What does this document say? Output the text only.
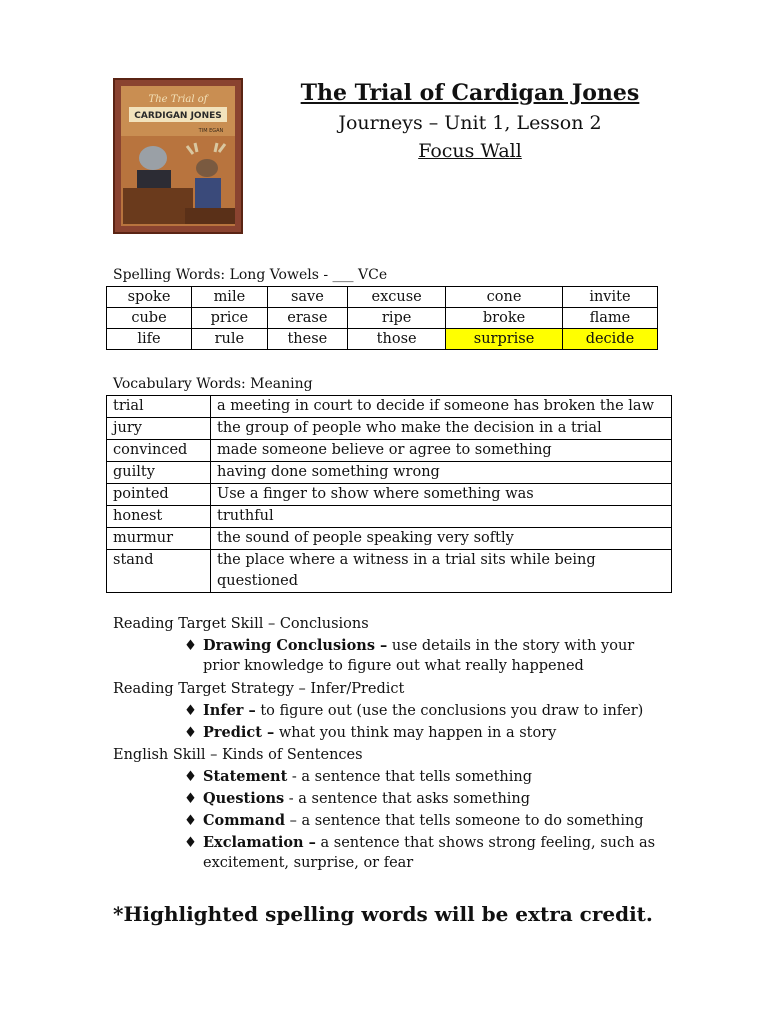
The Trial of
CARDIGAN JONES
TIM EGAN
The Trial of Cardigan Jones
Journeys – Unit 1, Lesson 2
Focus Wall
Spelling Words: Long Vowels - ___ VCe
spoke	mile	save	excuse	cone	invite
cube	price	erase	ripe	broke	flame
life	rule	these	those	surprise	decide
Vocabulary Words: Meaning
trial	a meeting in court to decide if someone has broken the law
jury	the group of people who make the decision in a trial
convinced	made someone believe or agree to something
guilty	having done something wrong
pointed	Use a finger to show where something was
honest	truthful
murmur	the sound of people speaking very softly
stand	the place where a witness in a trial sits while being questioned
Reading Target Skill – Conclusions
♦ Drawing Conclusions – use details in the story with your prior knowledge to figure out what really happened
Reading Target Strategy – Infer/Predict
♦ Infer – to figure out (use the conclusions you draw to infer)
♦ Predict – what you think may happen in a story
English Skill – Kinds of Sentences
♦ Statement - a sentence that tells something
♦ Questions - a sentence that asks something
♦ Command – a sentence that tells someone to do something
♦ Exclamation – a sentence that shows strong feeling, such as excitement, surprise, or fear
*Highlighted spelling words will be extra credit.
